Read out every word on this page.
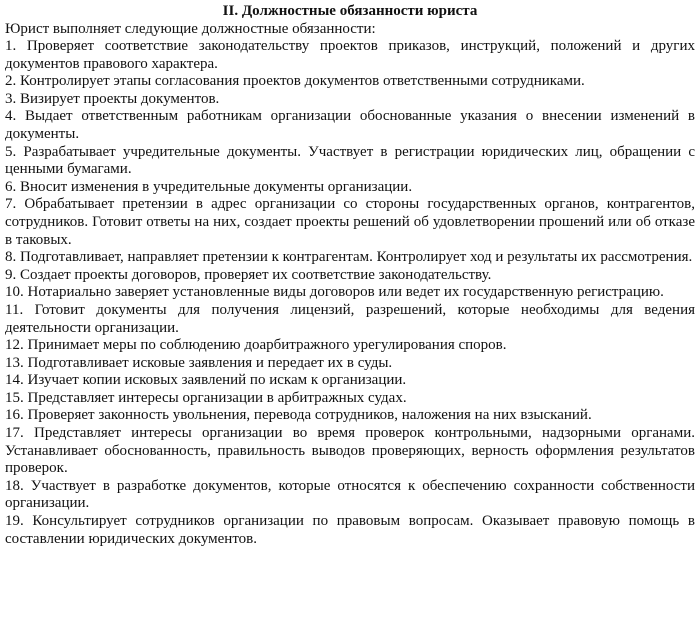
II. Должностные обязанности юриста

Юрист выполняет следующие должностные обязанности:

1. Проверяет соответствие законодательству проектов приказов, инструкций, положений и других документов правового характера.
2. Контролирует этапы согласования проектов документов ответственными сотрудниками.
3. Визирует проекты документов.
4. Выдает ответственным работникам организации обоснованные указания о внесении изменений в документы.
5. Разрабатывает учредительные документы. Участвует в регистрации юридических лиц, обращении с ценными бумагами.
6. Вносит изменения в учредительные документы организации.
7. Обрабатывает претензии в адрес организации со стороны государственных органов, контрагентов, сотрудников. Готовит ответы на них, создает проекты решений об удовлетворении прошений или об отказе в таковых.
8. Подготавливает, направляет претензии к контрагентам. Контролирует ход и результаты их рассмотрения.
9. Создает проекты договоров, проверяет их соответствие законодательству.
10. Нотариально заверяет установленные виды договоров или ведет их государственную регистрацию.
11. Готовит документы для получения лицензий, разрешений, которые необходимы для ведения деятельности организации.
12. Принимает меры по соблюдению доарбитражного урегулирования споров.
13. Подготавливает исковые заявления и передает их в суды.
14. Изучает копии исковых заявлений по искам к организации.
15. Представляет интересы организации в арбитражных судах.
16. Проверяет законность увольнения, перевода сотрудников, наложения на них взысканий.
17. Представляет интересы организации во время проверок контрольными, надзорными органами. Устанавливает обоснованность, правильность выводов проверяющих, верность оформления результатов проверок.
18. Участвует в разработке документов, которые относятся к обеспечению сохранности собственности организации.
19. Консультирует сотрудников организации по правовым вопросам. Оказывает правовую помощь в составлении юридических документов.
